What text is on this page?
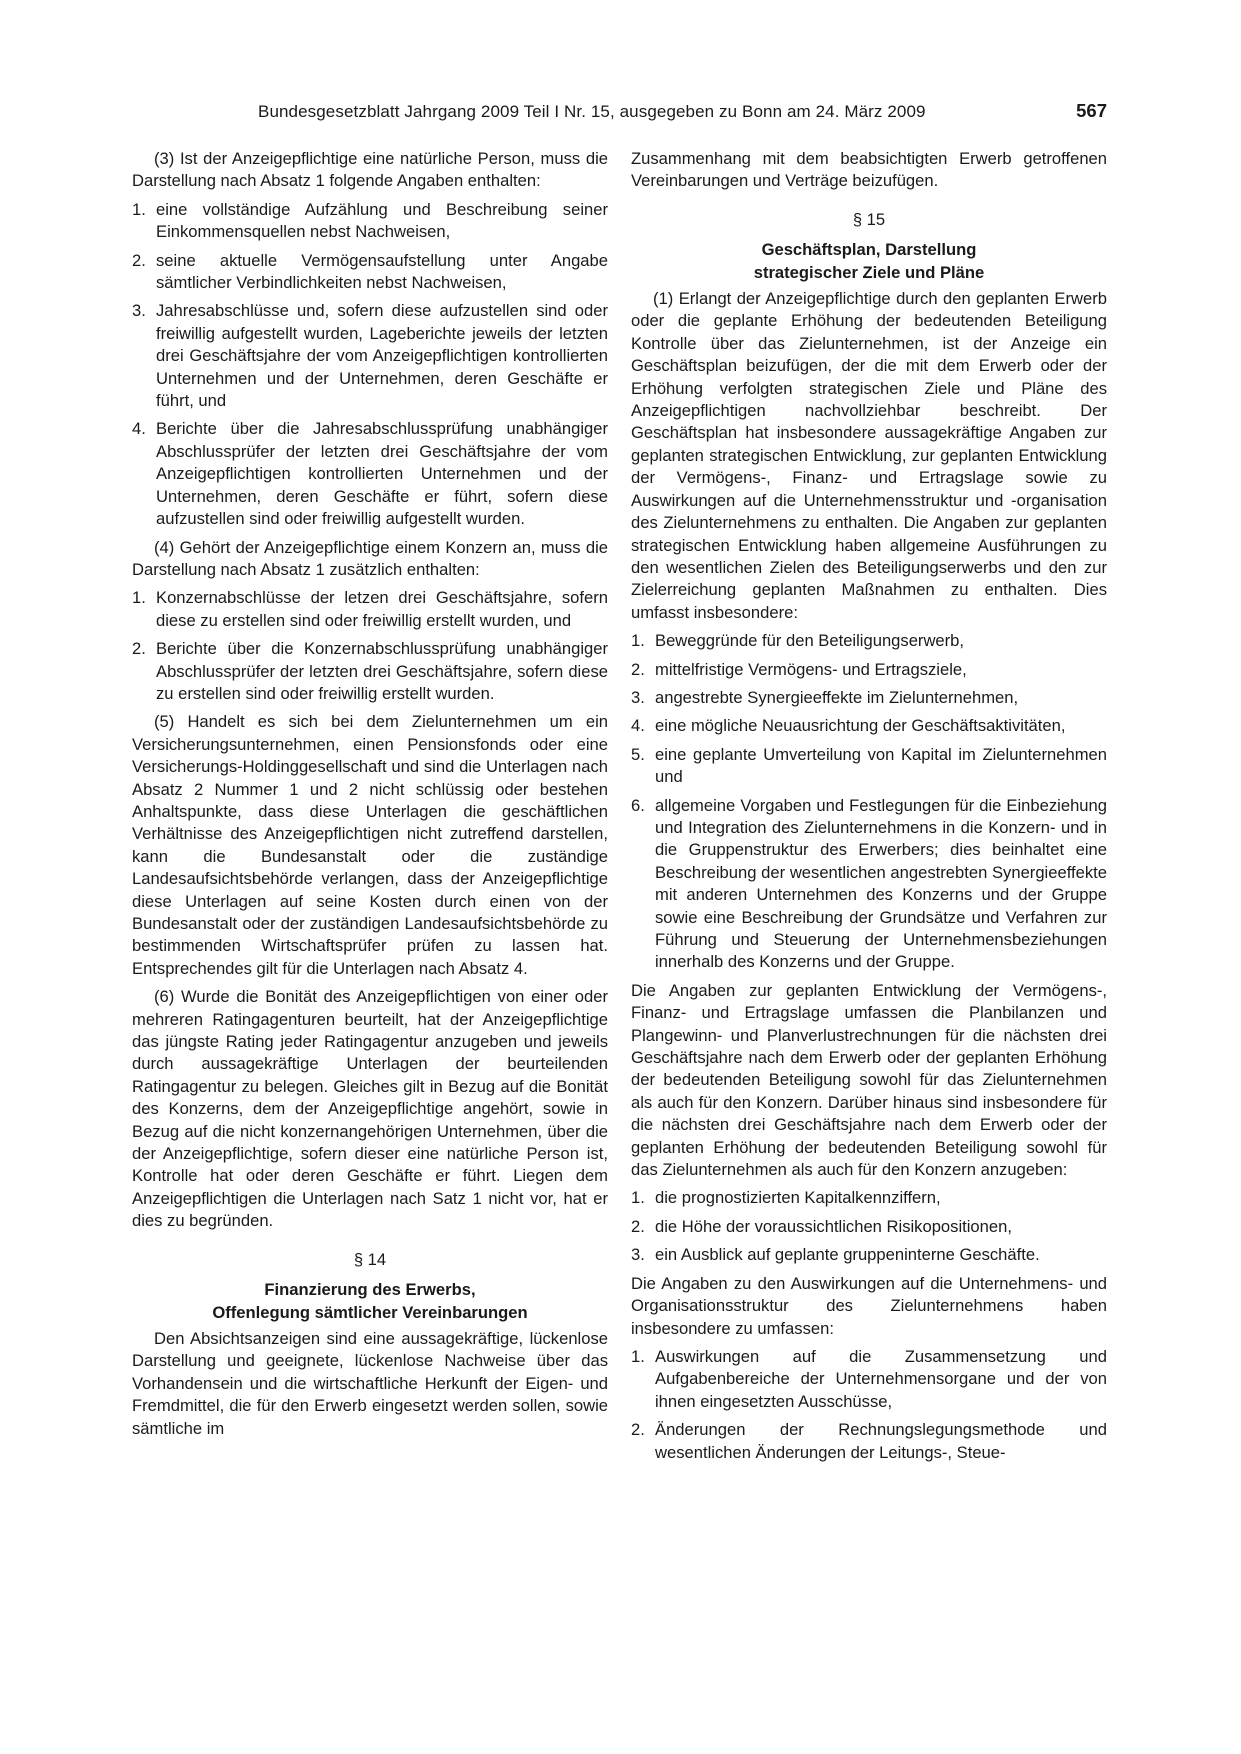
Bundesgesetzblatt Jahrgang 2009 Teil I Nr. 15, ausgegeben zu Bonn am 24. März 2009	567

(3) Ist der Anzeigepflichtige eine natürliche Person, muss die Darstellung nach Absatz 1 folgende Angaben enthalten:

1. eine vollständige Aufzählung und Beschreibung seiner Einkommensquellen nebst Nachweisen,
2. seine aktuelle Vermögensaufstellung unter Angabe sämtlicher Verbindlichkeiten nebst Nachweisen,
3. Jahresabschlüsse und, sofern diese aufzustellen sind oder freiwillig aufgestellt wurden, Lageberichte jeweils der letzten drei Geschäftsjahre der vom Anzeigepflichtigen kontrollierten Unternehmen und der Unternehmen, deren Geschäfte er führt, und
4. Berichte über die Jahresabschlussprüfung unabhängiger Abschlussprüfer der letzten drei Geschäftsjahre der vom Anzeigepflichtigen kontrollierten Unternehmen und der Unternehmen, deren Geschäfte er führt, sofern diese aufzustellen sind oder freiwillig aufgestellt wurden.

(4) Gehört der Anzeigepflichtige einem Konzern an, muss die Darstellung nach Absatz 1 zusätzlich enthalten:

1. Konzernabschlüsse der letzen drei Geschäftsjahre, sofern diese zu erstellen sind oder freiwillig erstellt wurden, und
2. Berichte über die Konzernabschlussprüfung unabhängiger Abschlussprüfer der letzten drei Geschäftsjahre, sofern diese zu erstellen sind oder freiwillig erstellt wurden.

(5) Handelt es sich bei dem Zielunternehmen um ein Versicherungsunternehmen, einen Pensionsfonds oder eine Versicherungs-Holdinggesellschaft und sind die Unterlagen nach Absatz 2 Nummer 1 und 2 nicht schlüssig oder bestehen Anhaltspunkte, dass diese Unterlagen die geschäftlichen Verhältnisse des Anzeigepflichtigen nicht zutreffend darstellen, kann die Bundesanstalt oder die zuständige Landesaufsichtsbehörde verlangen, dass der Anzeigepflichtige diese Unterlagen auf seine Kosten durch einen von der Bundesanstalt oder der zuständigen Landesaufsichtsbehörde zu bestimmenden Wirtschaftsprüfer prüfen zu lassen hat. Entsprechendes gilt für die Unterlagen nach Absatz 4.

(6) Wurde die Bonität des Anzeigepflichtigen von einer oder mehreren Ratingagenturen beurteilt, hat der Anzeigepflichtige das jüngste Rating jeder Ratingagentur anzugeben und jeweils durch aussagekräftige Unterlagen der beurteilenden Ratingagentur zu belegen. Gleiches gilt in Bezug auf die Bonität des Konzerns, dem der Anzeigepflichtige angehört, sowie in Bezug auf die nicht konzernangehörigen Unternehmen, über die der Anzeigepflichtige, sofern dieser eine natürliche Person ist, Kontrolle hat oder deren Geschäfte er führt. Liegen dem Anzeigepflichtigen die Unterlagen nach Satz 1 nicht vor, hat er dies zu begründen.

§ 14
Finanzierung des Erwerbs,
Offenlegung sämtlicher Vereinbarungen

Den Absichtsanzeigen sind eine aussagekräftige, lückenlose Darstellung und geeignete, lückenlose Nachweise über das Vorhandensein und die wirtschaftliche Herkunft der Eigen- und Fremdmittel, die für den Erwerb eingesetzt werden sollen, sowie sämtliche im

Zusammenhang mit dem beabsichtigten Erwerb getroffenen Vereinbarungen und Verträge beizufügen.

§ 15
Geschäftsplan, Darstellung
strategischer Ziele und Pläne

(1) Erlangt der Anzeigepflichtige durch den geplanten Erwerb oder die geplante Erhöhung der bedeutenden Beteiligung Kontrolle über das Zielunternehmen, ist der Anzeige ein Geschäftsplan beizufügen, der die mit dem Erwerb oder der Erhöhung verfolgten strategischen Ziele und Pläne des Anzeigepflichtigen nachvollziehbar beschreibt. Der Geschäftsplan hat insbesondere aussagekräftige Angaben zur geplanten strategischen Entwicklung, zur geplanten Entwicklung der Vermögens-, Finanz- und Ertragslage sowie zu Auswirkungen auf die Unternehmensstruktur und -organisation des Zielunternehmens zu enthalten. Die Angaben zur geplanten strategischen Entwicklung haben allgemeine Ausführungen zu den wesentlichen Zielen des Beteiligungserwerbs und den zur Zielerreichung geplanten Maßnahmen zu enthalten. Dies umfasst insbesondere:

1. Beweggründe für den Beteiligungserwerb,
2. mittelfristige Vermögens- und Ertragsziele,
3. angestrebte Synergieeffekte im Zielunternehmen,
4. eine mögliche Neuausrichtung der Geschäftsaktivitäten,
5. eine geplante Umverteilung von Kapital im Zielunternehmen und
6. allgemeine Vorgaben und Festlegungen für die Einbeziehung und Integration des Zielunternehmens in die Konzern- und in die Gruppenstruktur des Erwerbers; dies beinhaltet eine Beschreibung der wesentlichen angestrebten Synergieeffekte mit anderen Unternehmen des Konzerns und der Gruppe sowie eine Beschreibung der Grundsätze und Verfahren zur Führung und Steuerung der Unternehmensbeziehungen innerhalb des Konzerns und der Gruppe.

Die Angaben zur geplanten Entwicklung der Vermögens-, Finanz- und Ertragslage umfassen die Planbilanzen und Plangewinn- und Planverlustrechnungen für die nächsten drei Geschäftsjahre nach dem Erwerb oder der geplanten Erhöhung der bedeutenden Beteiligung sowohl für das Zielunternehmen als auch für den Konzern. Darüber hinaus sind insbesondere für die nächsten drei Geschäftsjahre nach dem Erwerb oder der geplanten Erhöhung der bedeutenden Beteiligung sowohl für das Zielunternehmen als auch für den Konzern anzugeben:

1. die prognostizierten Kapitalkennziffern,
2. die Höhe der voraussichtlichen Risikopositionen,
3. ein Ausblick auf geplante gruppeninterne Geschäfte.

Die Angaben zu den Auswirkungen auf die Unternehmens- und Organisationsstruktur des Zielunternehmens haben insbesondere zu umfassen:

1. Auswirkungen auf die Zusammensetzung und Aufgabenbereiche der Unternehmensorgane und der von ihnen eingesetzten Ausschüsse,
2. Änderungen der Rechnungslegungsmethode und wesentlichen Änderungen der Leitungs-, Steue-
